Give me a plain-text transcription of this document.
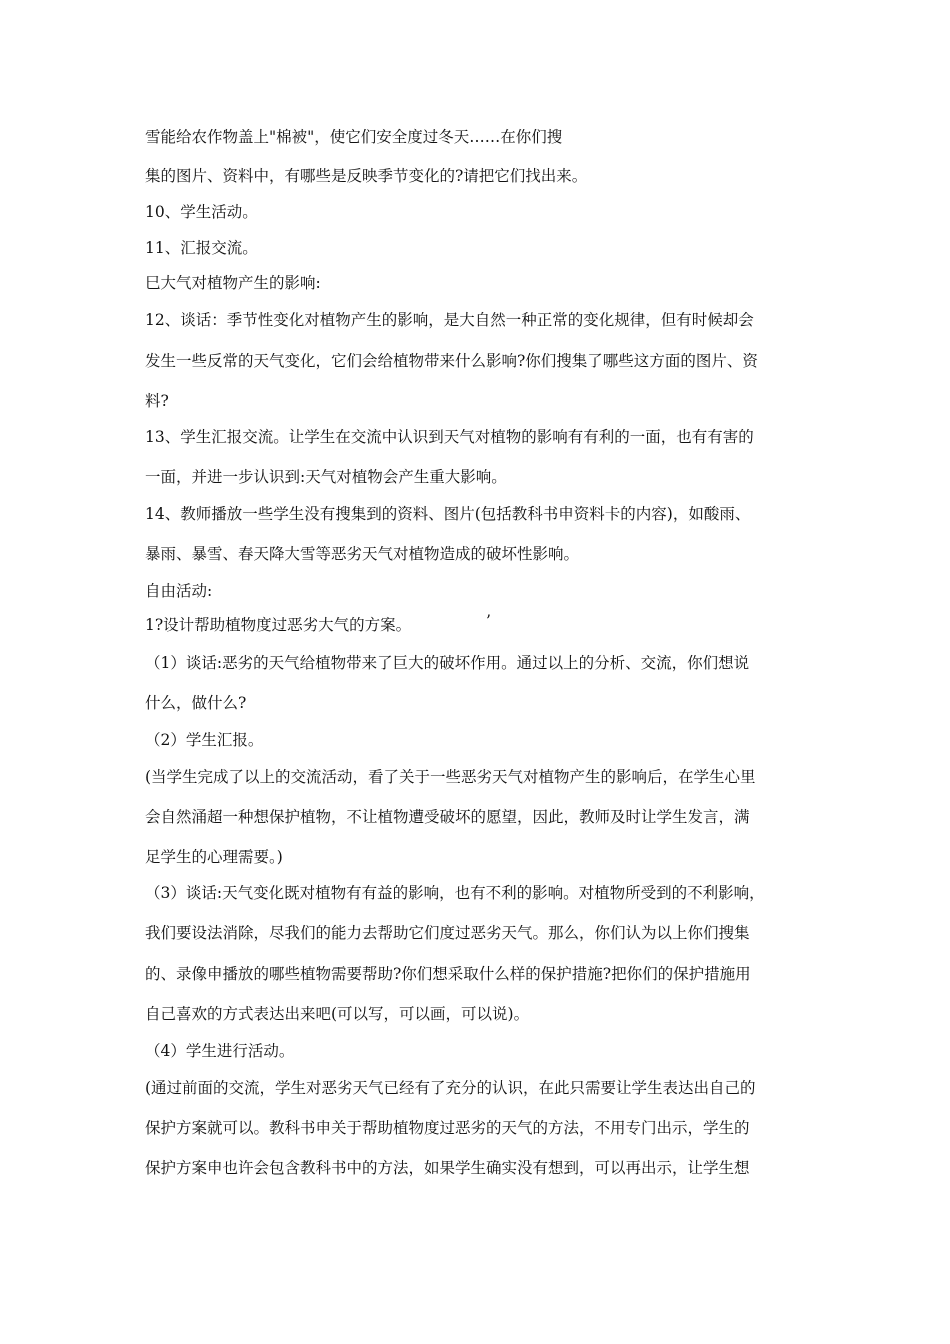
雪能给农作物盖上"棉被"，使它们安全度过冬天……在你们搜
集的图片、资料中，有哪些是反映季节变化的?请把它们找出来。
10、学生活动。
11、汇报交流。
巳大气对植物产生的影响:
12、谈话：季节性变化对植物产生的影响，是大自然一种正常的变化规律，但有时候却会
发生一些反常的天气变化，它们会给植物带来什么影响?你们搜集了哪些这方面的图片、资
料?
13、学生汇报交流。让学生在交流中认识到天气对植物的影响有有利的一面，也有有害的
一面，并进一步认识到:天气对植物会产生重大影响。
14、教师播放一些学生没有搜集到的资料、图片(包括教科书申资料卡的内容)，如酸雨、
暴雨、暴雪、春天降大雪等恶劣天气对植物造成的破坏性影响。
自由活动:
1?设计帮助植物度过恶劣大气的方案。	’
（1）谈话:恶劣的天气给植物带来了巨大的破坏作用。通过以上的分析、交流，你们想说
什么，做什么?
（2）学生汇报。
(当学生完成了以上的交流活动，看了关于一些恶劣天气对植物产生的影响后，在学生心里
会自然涌超一种想保护植物，不让植物遭受破坏的愿望，因此，教师及时让学生发言，满
足学生的心理需要。)
（3）谈话:天气变化既对植物有有益的影响，也有不利的影响。对植物所受到的不利影响，
我们要设法消除，尽我们的能力去帮助它们度过恶劣天气。那么，你们认为以上你们搜集
的、录像申播放的哪些植物需要帮助?你们想采取什么样的保护措施?把你们的保护措施用
自己喜欢的方式表达出来吧(可以写，可以画，可以说)。
（4）学生进行活动。
(通过前面的交流，学生对恶劣天气已经有了充分的认识，在此只需要让学生表达出自己的
保护方案就可以。教科书申关于帮助植物度过恶劣的天气的方法，不用专门出示，学生的
保护方案申也许会包含教科书中的方法，如果学生确实没有想到，可以再出示，让学生想
